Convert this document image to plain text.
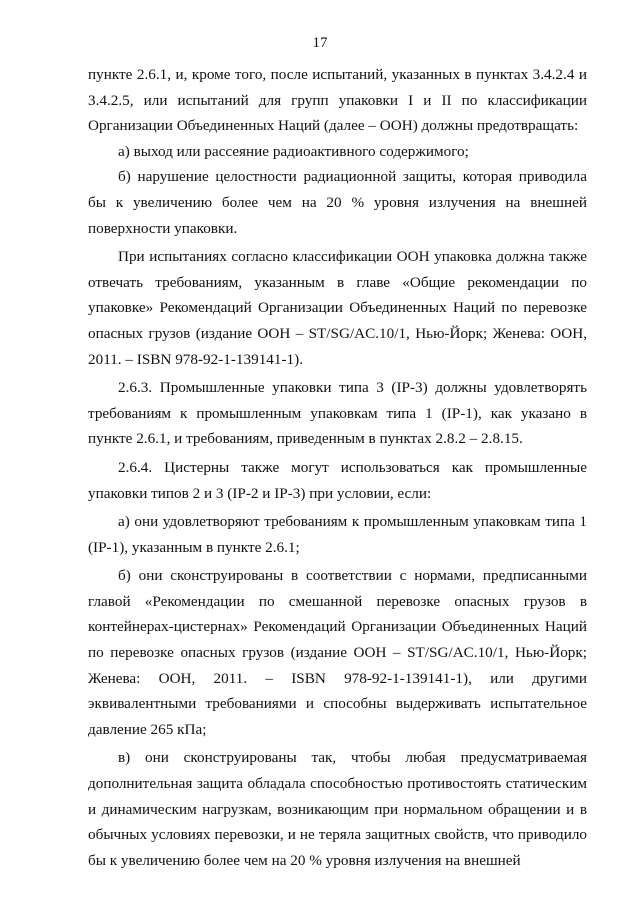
17

пункте 2.6.1, и, кроме того, после испытаний, указанных в пунктах 3.4.2.4 и 3.4.2.5, или испытаний для групп упаковки I и II по классификации Организации Объединенных Наций (далее – ООН) должны предотвращать:

а) выход или рассеяние радиоактивного содержимого;

б) нарушение целостности радиационной защиты, которая приводила бы к увеличению более чем на 20 % уровня излучения на внешней поверхности упаковки.

При испытаниях согласно классификации ООН упаковка должна также отвечать требованиям, указанным в главе «Общие рекомендации по упаковке» Рекомендаций Организации Объединенных Наций по перевозке опасных грузов (издание ООН – ST/SG/AC.10/1, Нью-Йорк; Женева: ООН, 2011. – ISBN 978-92-1-139141-1).

2.6.3. Промышленные упаковки типа 3 (IP-3) должны удовлетворять требованиям к промышленным упаковкам типа 1 (IP-1), как указано в пункте 2.6.1, и требованиям, приведенным в пунктах 2.8.2 – 2.8.15.

2.6.4. Цистерны также могут использоваться как промышленные упаковки типов 2 и 3 (IP-2 и IP-3) при условии, если:

а) они удовлетворяют требованиям к промышленным упаковкам типа 1 (IP-1), указанным в пункте 2.6.1;

б) они сконструированы в соответствии с нормами, предписанными главой «Рекомендации по смешанной перевозке опасных грузов в контейнерах-цистернах» Рекомендаций Организации Объединенных Наций по перевозке опасных грузов (издание ООН – ST/SG/AC.10/1, Нью-Йорк; Женева: ООН, 2011. – ISBN 978-92-1-139141-1), или другими эквивалентными требованиями и способны выдерживать испытательное давление 265 кПа;

в) они сконструированы так, чтобы любая предусматриваемая дополнительная защита обладала способностью противостоять статическим и динамическим нагрузкам, возникающим при нормальном обращении и в обычных условиях перевозки, и не теряла защитных свойств, что приводило бы к увеличению более чем на 20 % уровня излучения на внешней
